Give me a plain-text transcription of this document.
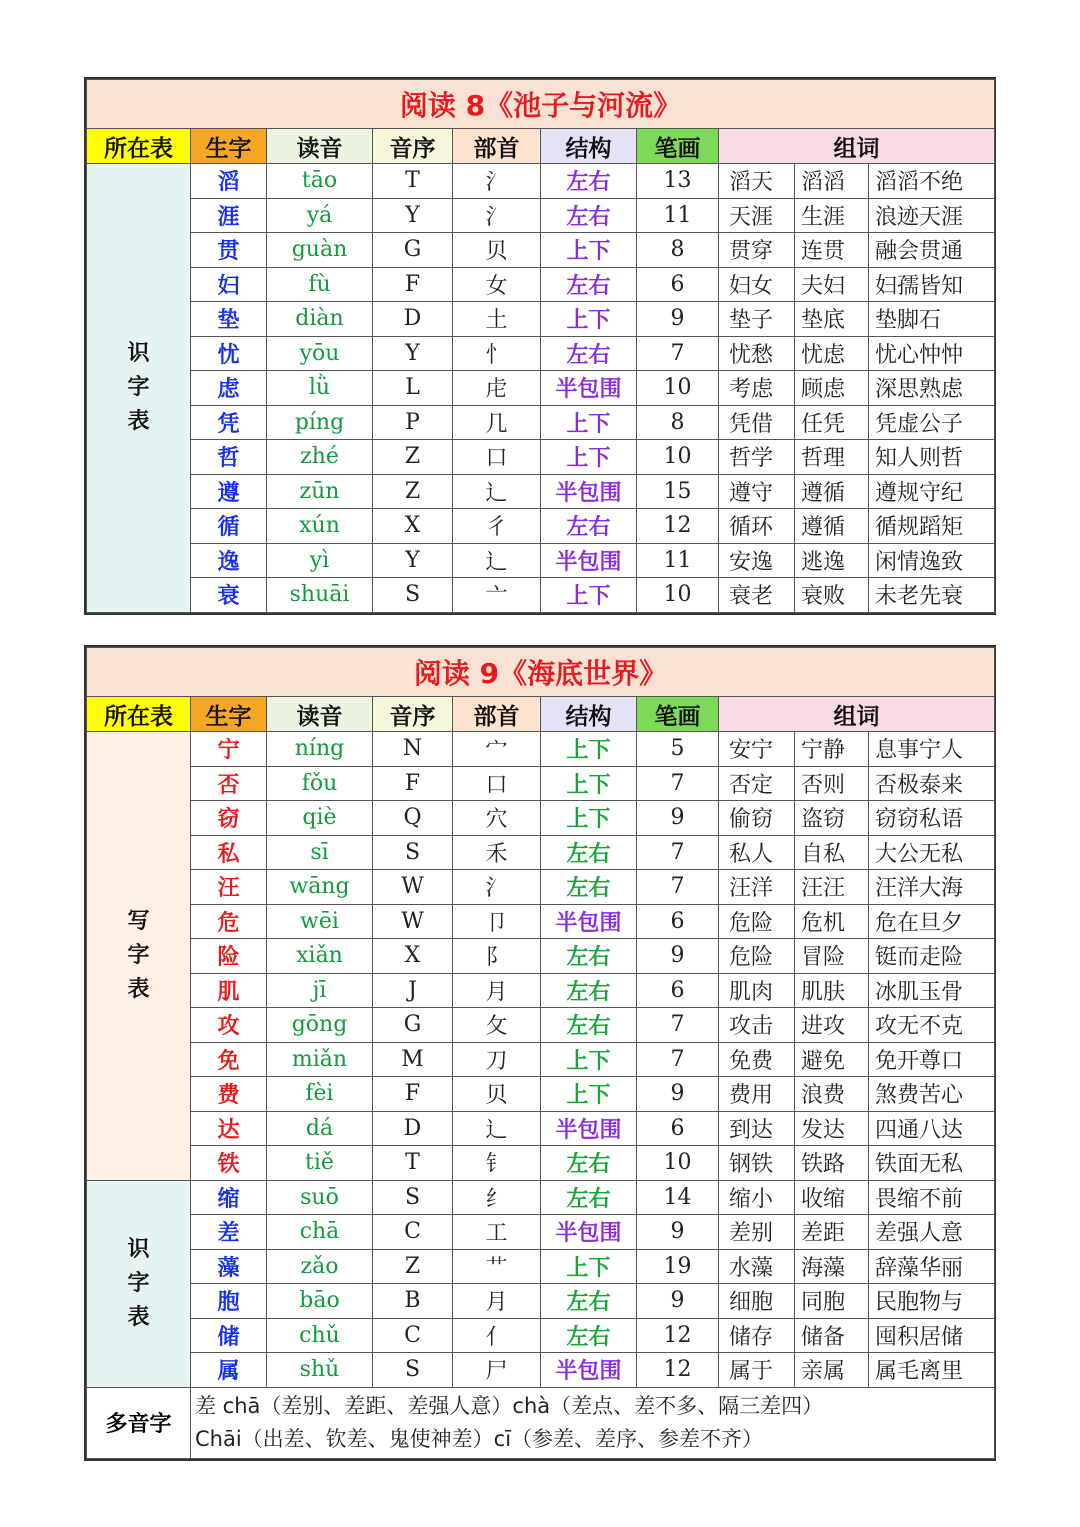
阅读 8《池子与河流》									
所在表	生字	读音	音序	部首	结构	笔画	组词		

识字表	滔	tāo	T	氵	左右	13	滔天	滔滔	滔滔不绝
	涯	yá	Y	氵	左右	11	天涯	生涯	浪迹天涯
	贯	guàn	G	贝	上下	8	贯穿	连贯	融会贯通
	妇	fù	F	女	左右	6	妇女	夫妇	妇孺皆知
	垫	diàn	D	土	上下	9	垫子	垫底	垫脚石
	忧	yōu	Y	忄	左右	7	忧愁	忧虑	忧心忡忡
	虑	lǜ	L	虍	半包围	10	考虑	顾虑	深思熟虑
	凭	píng	P	几	上下	8	凭借	任凭	凭虚公子
	哲	zhé	Z	口	上下	10	哲学	哲理	知人则哲
	遵	zūn	Z	辶	半包围	15	遵守	遵循	遵规守纪
	循	xún	X	彳	左右	12	循环	遵循	循规蹈矩
	逸	yì	Y	辶	半包围	11	安逸	逃逸	闲情逸致
	衰	shuāi	S	亠	上下	10	衰老	衰败	未老先衰
阅读 9《海底世界》									
所在表	生字	读音	音序	部首	结构	笔画	组词		

写字表	宁	níng	N	宀	上下	5	安宁	宁静	息事宁人
	否	fǒu	F	口	上下	7	否定	否则	否极泰来
	窃	qiè	Q	穴	上下	9	偷窃	盗窃	窃窃私语
	私	sī	S	禾	左右	7	私人	自私	大公无私
	汪	wāng	W	氵	左右	7	汪洋	汪汪	汪洋大海
	危	wēi	W	卩	半包围	6	危险	危机	危在旦夕
	险	xiǎn	X	阝	左右	9	危险	冒险	铤而走险
	肌	jī	J	月	左右	6	肌肉	肌肤	冰肌玉骨
	攻	gōng	G	攵	左右	7	攻击	进攻	攻无不克
	免	miǎn	M	刀	上下	7	免费	避免	免开尊口
	费	fèi	F	贝	上下	9	费用	浪费	煞费苦心
	达	dá	D	辶	半包围	6	到达	发达	四通八达
	铁	tiě	T	钅	左右	10	钢铁	铁路	铁面无私

识字表	缩	suō	S	纟	左右	14	缩小	收缩	畏缩不前
	差	chā	C	工	半包围	9	差别	差距	差强人意
	藻	zǎo	Z	艹	上下	19	水藻	海藻	辞藻华丽
	胞	bāo	B	月	左右	9	细胞	同胞	民胞物与
	储	chǔ	C	亻	左右	12	储存	储备	囤积居储
	属	shǔ	S	尸	半包围	12	属于	亲属	属毛离里
多音字	差 chā（差别、差距、差强人意）chà（差点、差不多、隔三差四）
Chāi（出差、钦差、鬼使神差）cī（参差、差序、参差不齐）								
